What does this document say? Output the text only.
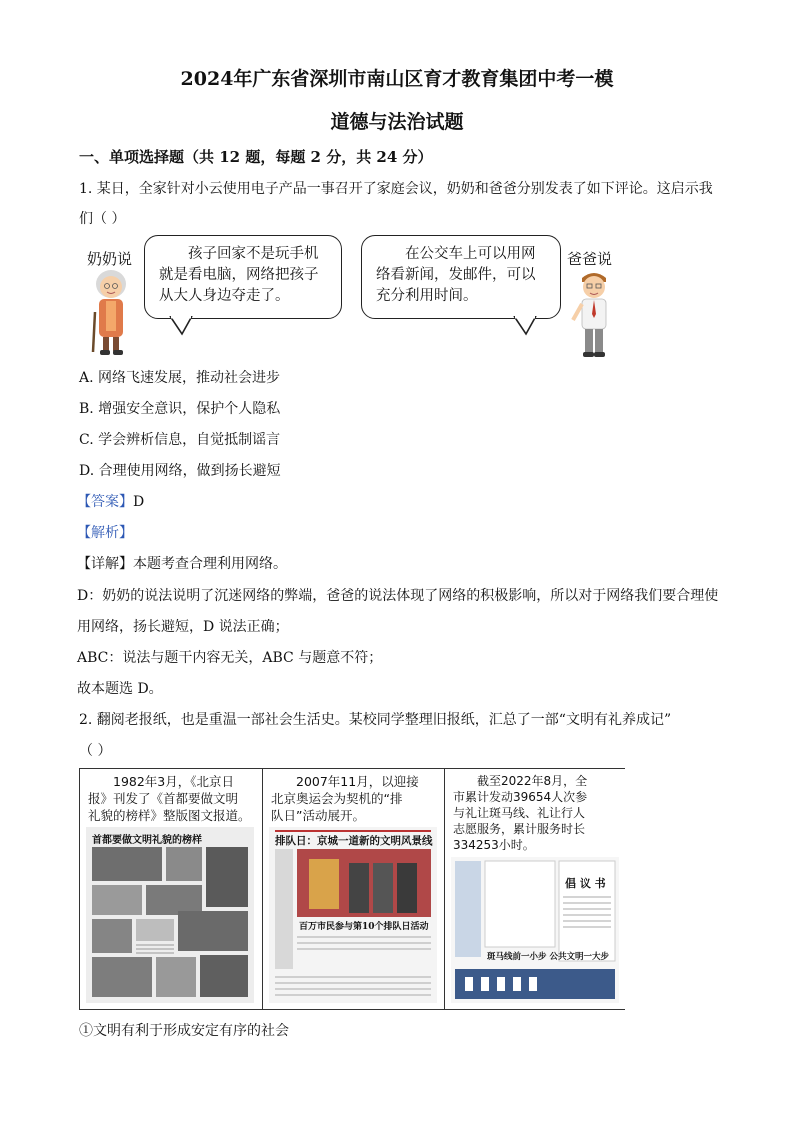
2024年广东省深圳市南山区育才教育集团中考一模
道德与法治试题
一、单项选择题（共 12 题，每题 2 分，共 24 分）
1. 某日，全家针对小云使用电子产品一事召开了家庭会议，奶奶和爸爸分别发表了如下评论。这启示我
们（ ）
奶奶说	爸爸说
孩子回家不是玩手机
就是看电脑，网络把孩子
从大人身边夺走了。
在公交车上可以用网
络看新闻，发邮件，可以
充分利用时间。
A. 网络飞速发展，推动社会进步
B. 增强安全意识，保护个人隐私
C. 学会辨析信息，自觉抵制谣言
D. 合理使用网络，做到扬长避短
【答案】D
【解析】
【详解】本题考查合理利用网络。
D：奶奶的说法说明了沉迷网络的弊端，爸爸的说法体现了网络的积极影响，所以对于网络我们要合理使
用网络，扬长避短，D 说法正确；
ABC：说法与题干内容无关，ABC 与题意不符；
故本题选 D。
2. 翻阅老报纸，也是重温一部社会生活史。某校同学整理旧报纸，汇总了一部“文明有礼养成记”
（ ）
1982年3月，《北京日
报》刊发了《首都要做文明
礼貌的榜样》整版图文报道。
首都要做文明礼貌的榜样
2007年11月，以迎接
北京奥运会为契机的“排
队日”活动展开。
排队日：京城一道新的文明风景线
百万市民参与第10个排队日活动
截至2022年8月，全
市累计发动39654人次参
与礼让斑马线、礼让行人
志愿服务，累计服务时长
334253小时。
倡 议 书
斑马线前一小步 公共文明一大步
①文明有利于形成安定有序的社会
